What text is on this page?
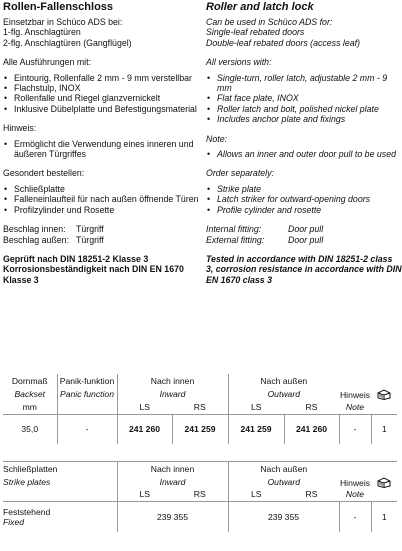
Rollen-Fallenschloss

Einsetzbar in Schüco ADS bei:

1-flg. Anschlagtüren

2-flg. Anschlagtüren (Gangflügel)

Alle Ausführungen mit:

• Eintourig, Rollenfalle 2 mm - 9 mm verstellbar
• Flachstulp, INOX
• Rollenfalle und Riegel glanzvernickelt
• Inklusive Dübelplatte und Befestigungsmaterial

Hinweis:

• Ermöglicht die Verwendung eines inneren und äußeren Türgriffes

Gesondert bestellen:

• Schließplatte
• Falleneinlaufteil für nach außen öffnende Türen
• Profilzylinder und Rosette
Beschlag innen:	Türgriff
Beschlag außen: Türgriff

Geprüft nach DIN 18251-2 Klasse 3 Korrosionsbeständigkeit nach DIN EN 1670 Klasse 3

Roller and latch lock

Can be used in Schüco ADS for:

Single-leaf rebated doors

Double-leaf rebated doors (access leaf)

All versions with:

• Single-turn, roller latch, adjustable 2 mm - 9 mm
• Flat face plate, INOX
• Roller latch and bolt, polished nickel plate
• Includes anchor plate and fixings

Note:

• Allows an inner and outer door pull to be used

Order separately:

• Strike plate
• Latch striker for outward-opening doors
• Profile cylinder and rosette
Internal fitting:	Door pull
External fitting:	Door pull

Tested in accordance with DIN 18251-2 class 3, corrosion resistance in accordance with DIN EN 1670 class 3

Dornmaß	Panik-funktion	Nach innen		Nach außen		Hinweis	

Backset	Panic function	Inward		Outward			
mm		LS	RS	LS	RS	Note	
35,0	-	241 260	241 259	241 259	241 260	-	1
Schließplatten	Nach innen		Nach außen		Hinweis	

Strike plates	Inward		Outward			
	LS	RS	LS	RS	Note	

Feststehend
Fixed	239 355		239 355		-	1
